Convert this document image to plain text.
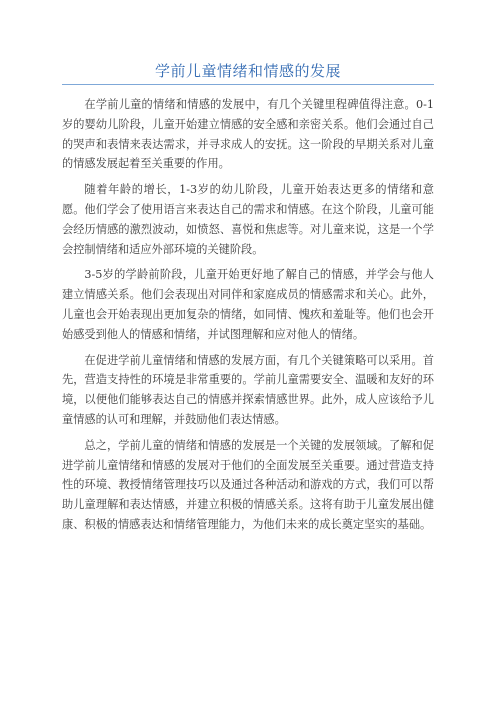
学前儿童情绪和情感的发展

在学前儿童的情绪和情感的发展中，有几个关键里程碑值得注意。0-1岁的婴幼儿阶段，儿童开始建立情感的安全感和亲密关系。他们会通过自己的哭声和表情来表达需求，并寻求成人的安抚。这一阶段的早期关系对儿童的情感发展起着至关重要的作用。

随着年龄的增长，1-3岁的幼儿阶段，儿童开始表达更多的情绪和意愿。他们学会了使用语言来表达自己的需求和情感。在这个阶段，儿童可能会经历情感的激烈波动，如愤怒、喜悦和焦虑等。对儿童来说，这是一个学会控制情绪和适应外部环境的关键阶段。

3-5岁的学龄前阶段，儿童开始更好地了解自己的情感，并学会与他人建立情感关系。他们会表现出对同伴和家庭成员的情感需求和关心。此外，儿童也会开始表现出更加复杂的情绪，如同情、愧疚和羞耻等。他们也会开始感受到他人的情感和情绪，并试图理解和应对他人的情绪。

在促进学前儿童情绪和情感的发展方面，有几个关键策略可以采用。首先，营造支持性的环境是非常重要的。学前儿童需要安全、温暖和友好的环境，以便他们能够表达自己的情感并探索情感世界。此外，成人应该给予儿童情感的认可和理解，并鼓励他们表达情感。

总之，学前儿童的情绪和情感的发展是一个关键的发展领域。了解和促进学前儿童情绪和情感的发展对于他们的全面发展至关重要。通过营造支持性的环境、教授情绪管理技巧以及通过各种活动和游戏的方式，我们可以帮助儿童理解和表达情感，并建立积极的情感关系。这将有助于儿童发展出健康、积极的情感表达和情绪管理能力，为他们未来的成长奠定坚实的基础。
